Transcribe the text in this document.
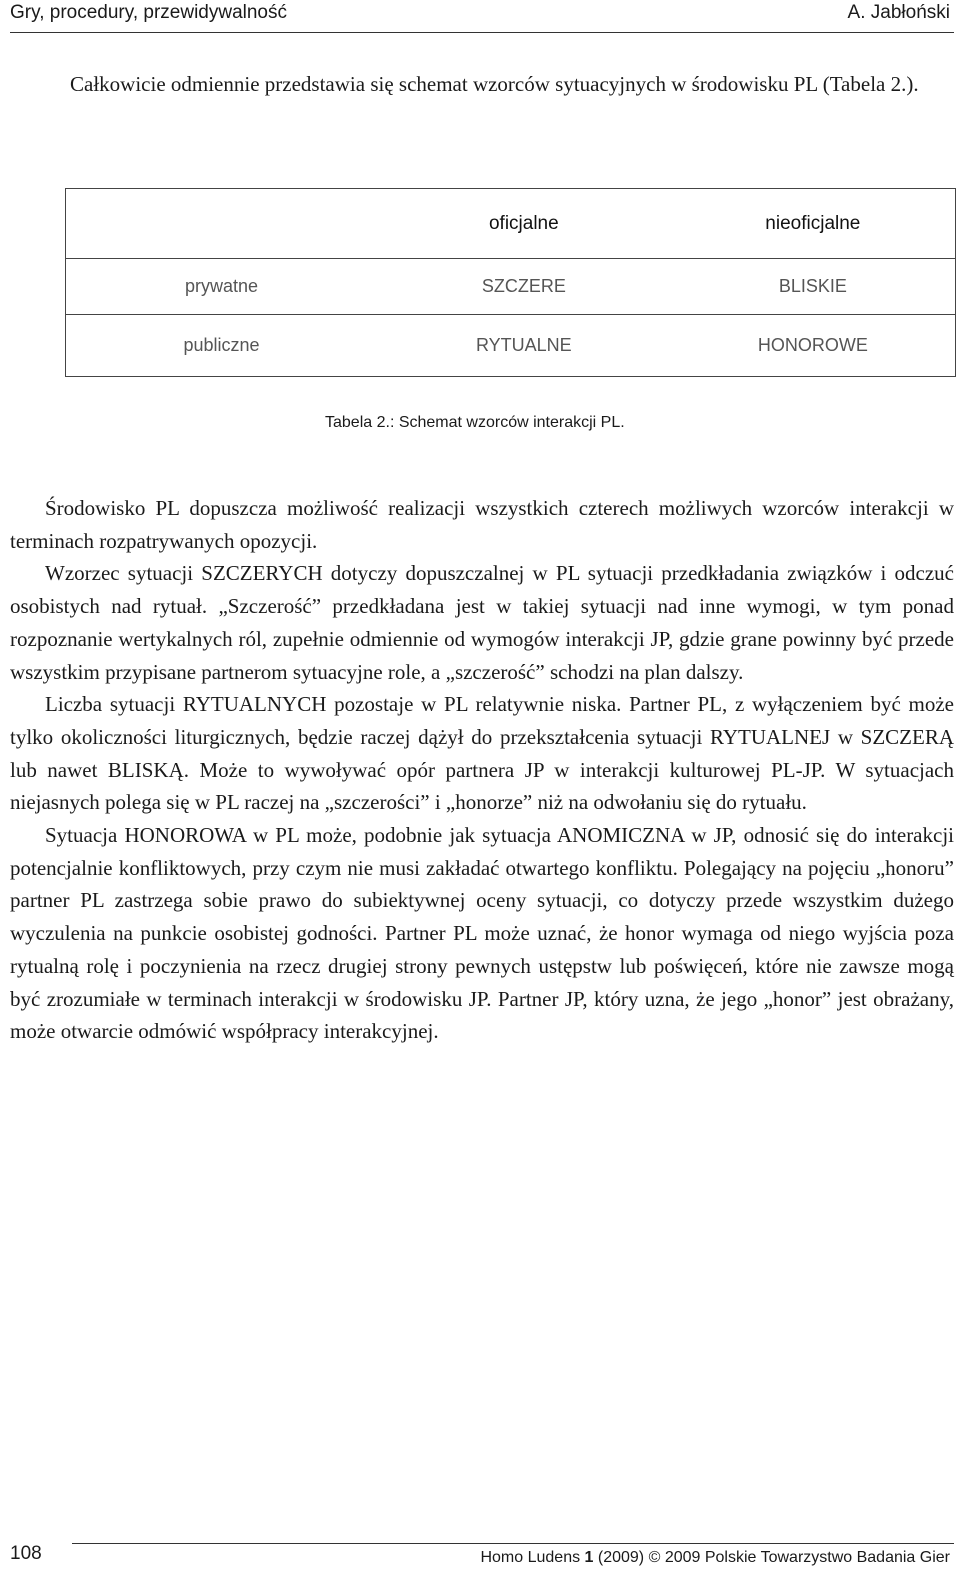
Gry, procedury, przewidywalność	A. Jabłoński

Całkowicie odmiennie przedstawia się schemat wzorców sytuacyjnych w środowisku PL (Tabela 2.).

	oficjalne	nieoficjalne
prywatne	SZCZERE	BLISKIE
publiczne	RYTUALNE	HONOROWE
Tabela 2.: Schemat wzorców interakcji PL.

Środowisko PL dopuszcza możliwość realizacji wszystkich czterech możliwych wzorców interakcji w terminach rozpatrywanych opozycji.

Wzorzec sytuacji SZCZERYCH dotyczy dopuszczalnej w PL sytuacji przedkładania związków i odczuć osobistych nad rytuał. „Szczerość” przedkładana jest w takiej sytuacji nad inne wymogi, w tym ponad rozpoznanie wertykalnych ról, zupełnie odmiennie od wymogów interakcji JP, gdzie grane powinny być przede wszystkim przypisane partnerom sytuacyjne role, a „szczerość” schodzi na plan dalszy.

Liczba sytuacji RYTUALNYCH pozostaje w PL relatywnie niska. Partner PL, z wyłączeniem być może tylko okoliczności liturgicznych, będzie raczej dążył do przekształcenia sytuacji RYTUALNEJ w SZCZERĄ lub nawet BLISKĄ. Może to wywoływać opór partnera JP w interakcji kulturowej PL-JP. W sytuacjach niejasnych polega się w PL raczej na „szczerości” i „honorze” niż na odwołaniu się do rytuału.

Sytuacja HONOROWA w PL może, podobnie jak sytuacja ANOMICZNA w JP, odnosić się do interakcji potencjalnie konfliktowych, przy czym nie musi zakładać otwartego konfliktu. Polegający na pojęciu „honoru” partner PL zastrzega sobie prawo do subiektywnej oceny sytuacji, co dotyczy przede wszystkim dużego wyczulenia na punkcie osobistej godności. Partner PL może uznać, że honor wymaga od niego wyjścia poza rytualną rolę i poczynienia na rzecz drugiej strony pewnych ustępstw lub poświęceń, które nie zawsze mogą być zrozumiałe w terminach interakcji w środowisku JP. Partner JP, który uzna, że jego „honor” jest obrażany, może otwarcie odmówić współpracy interakcyjnej.

108	Homo Ludens 1 (2009) © 2009 Polskie Towarzystwo Badania Gier
